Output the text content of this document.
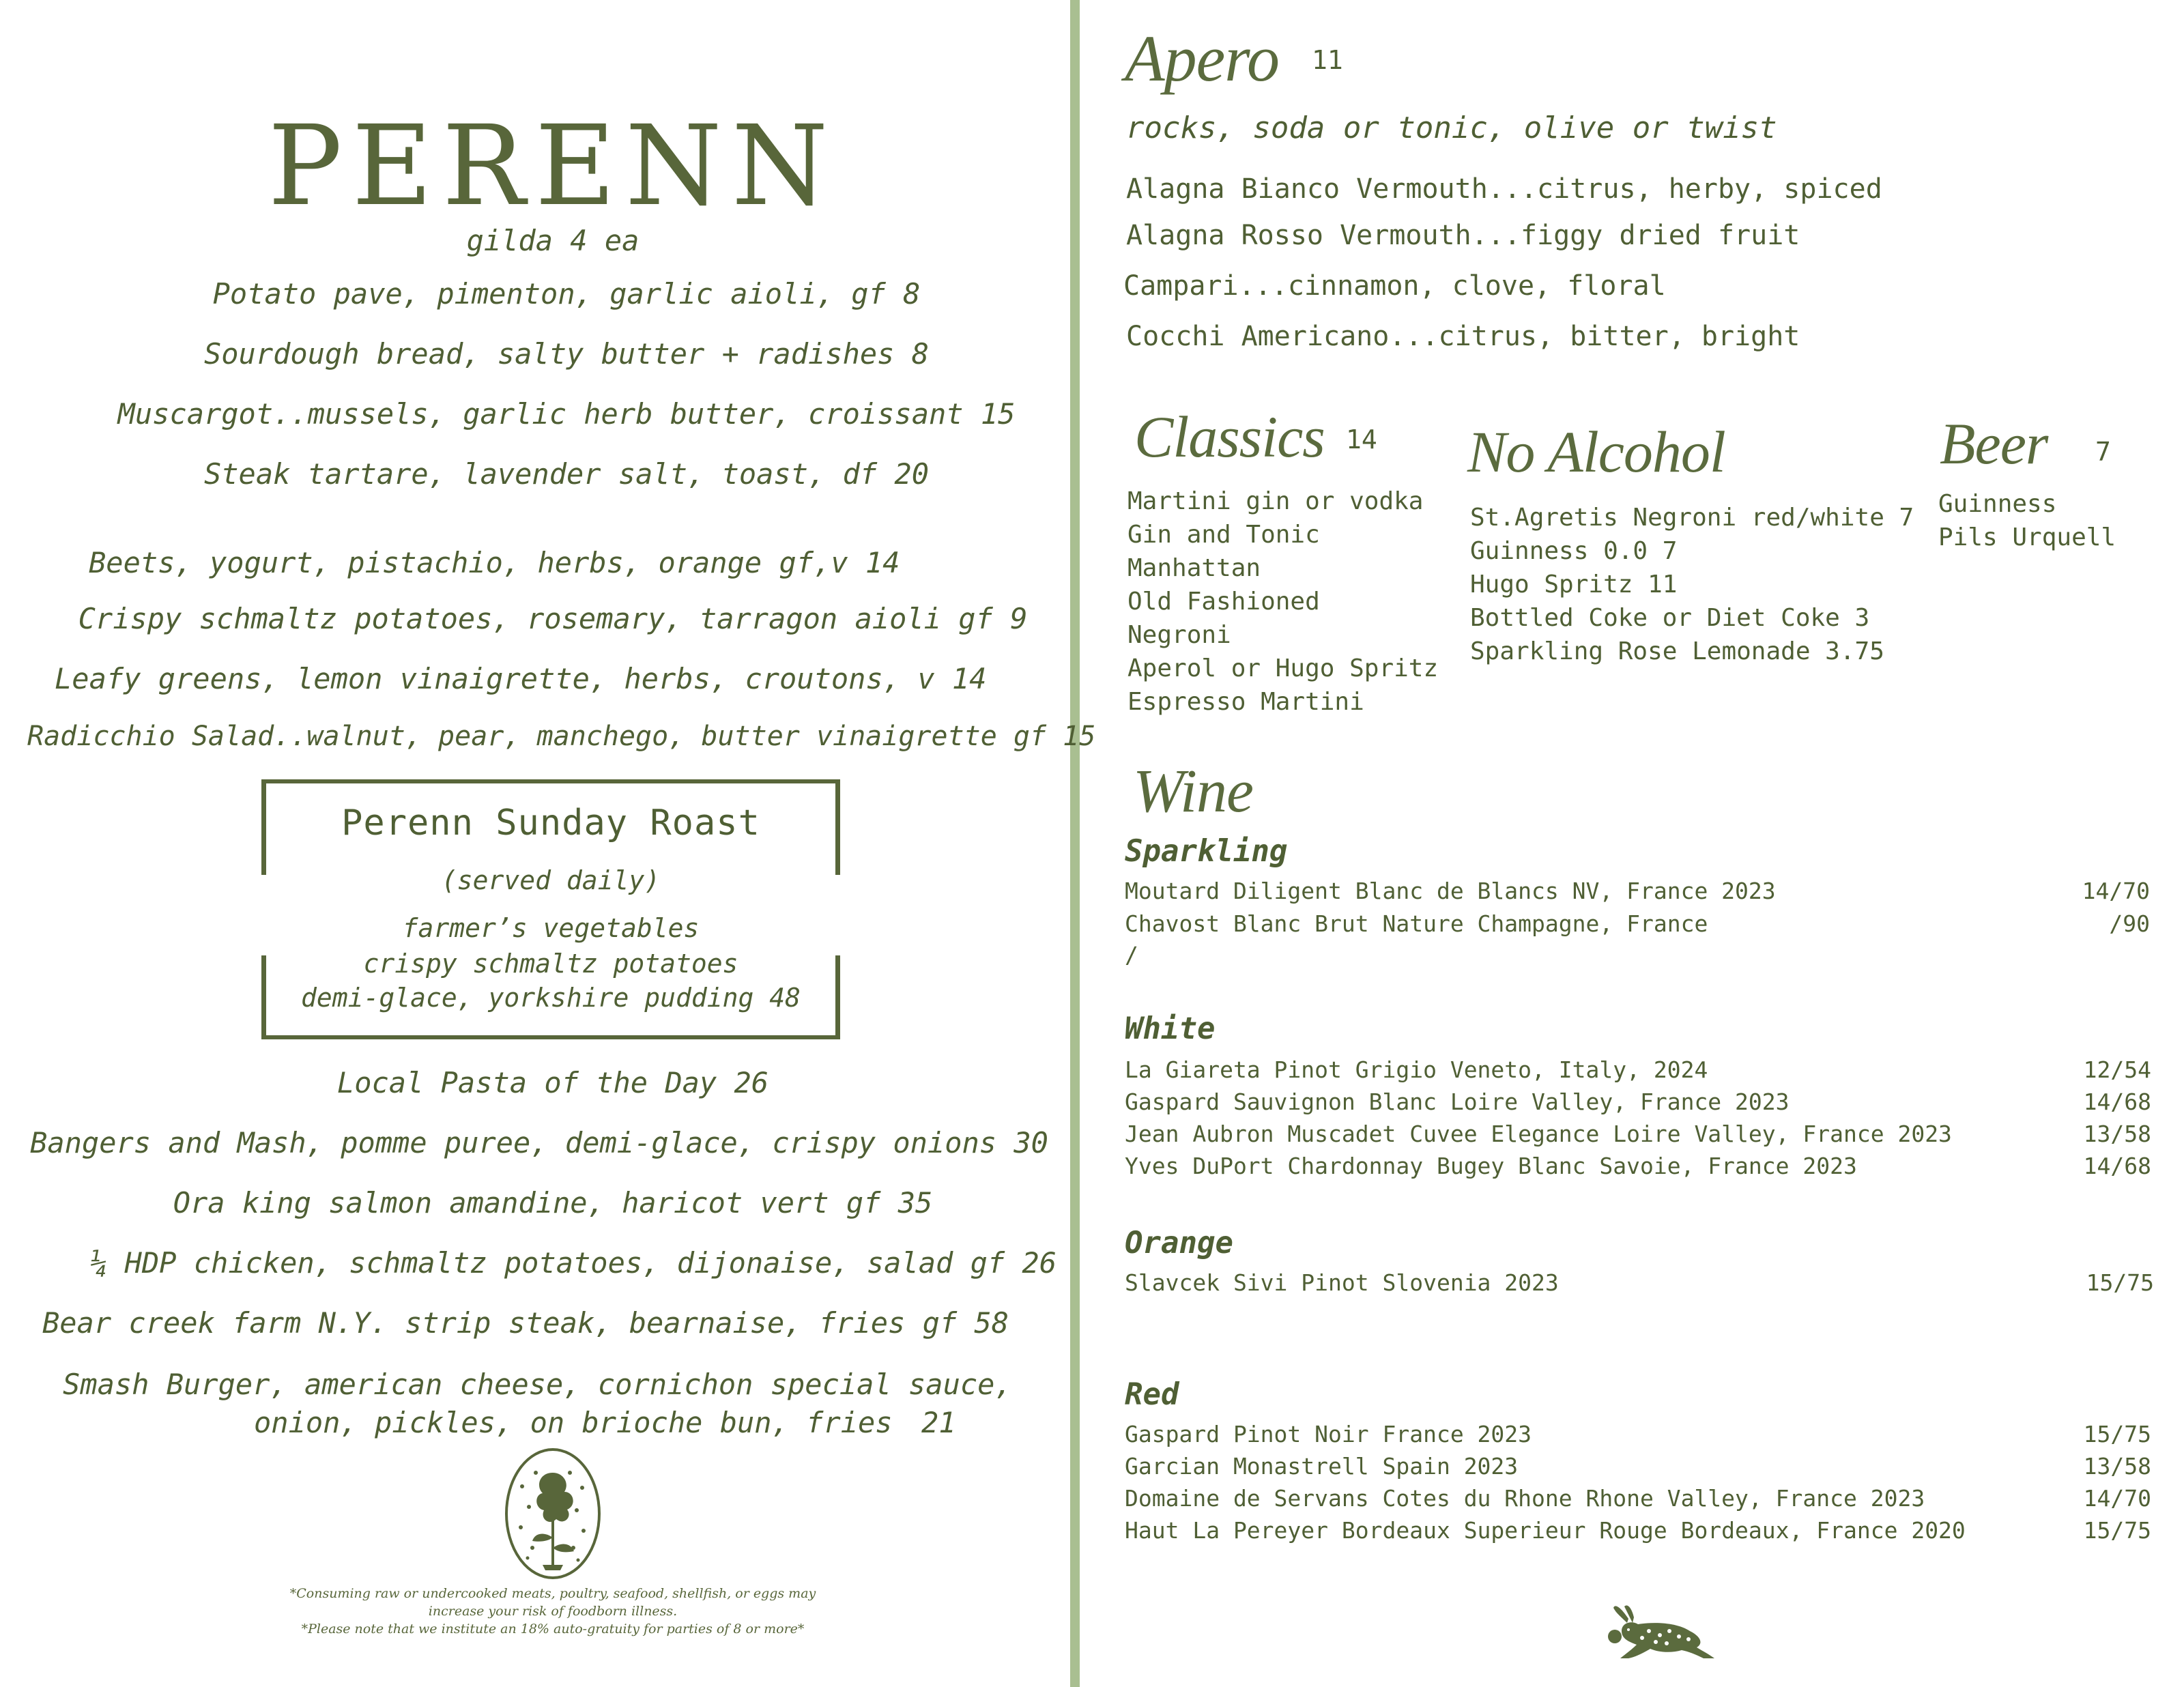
PERENN
gilda 4 ea
Potato pave, pimenton, garlic aioli, gf 8
Sourdough bread, salty butter + radishes 8
Muscargot..mussels, garlic herb butter, croissant 15
Steak tartare, lavender salt, toast, df 20
Beets, yogurt, pistachio, herbs, orange gf,v 14
Crispy schmaltz potatoes, rosemary, tarragon aioli gf 9
Leafy greens, lemon vinaigrette, herbs, croutons, v 14
Radicchio Salad..walnut, pear, manchego, butter vinaigrette gf 15
Perenn Sunday Roast
(served daily)
farmer’s vegetables
crispy schmaltz potatoes
demi-glace, yorkshire pudding 48
Local Pasta of the Day 26
Bangers and Mash, pomme puree, demi-glace, crispy onions 30
Ora king salmon amandine, haricot vert gf 35
¼ HDP chicken, schmaltz potatoes, dijonaise, salad gf 26
Bear creek farm N.Y. strip steak, bearnaise, fries gf 58
Smash Burger, american cheese, cornichon special sauce,
onion, pickles, on brioche bun, fries 21
*Consuming raw or undercooked meats, poultry, seafood, shellfish, or eggs may
increase your risk of foodborn illness.
*Please note that we institute an 18% auto-gratuity for parties of 8 or more*
Apero 11
rocks, soda or tonic, olive or twist
Alagna Bianco Vermouth...citrus, herby, spiced
Alagna Rosso Vermouth...figgy dried fruit
Campari...cinnamon, clove, floral
Cocchi Americano...citrus, bitter, bright
Classics 14
Martini gin or vodka
Gin and Tonic
Manhattan
Old Fashioned
Negroni
Aperol or Hugo Spritz
Espresso Martini
No Alcohol
St.Agretis Negroni red/white 7
Guinness 0.0 7
Hugo Spritz 11
Bottled Coke or Diet Coke 3
Sparkling Rose Lemonade 3.75
Beer 7
Guinness
Pils Urquell
Wine
Sparkling
Moutard Diligent Blanc de Blancs NV, France 2023	14/70
Chavost Blanc Brut Nature Champagne, France	/90
/
White
La Giareta Pinot Grigio Veneto, Italy, 2024	12/54
Gaspard Sauvignon Blanc Loire Valley, France 2023	14/68
Jean Aubron Muscadet Cuvee Elegance Loire Valley, France 2023	13/58
Yves DuPort Chardonnay Bugey Blanc Savoie, France 2023	14/68
Orange
Slavcek Sivi Pinot Slovenia 2023	15/75
Red
Gaspard Pinot Noir France 2023	15/75
Garcian Monastrell Spain 2023	13/58
Domaine de Servans Cotes du Rhone Rhone Valley, France 2023	14/70
Haut La Pereyer Bordeaux Superieur Rouge Bordeaux, France 2020	15/75
